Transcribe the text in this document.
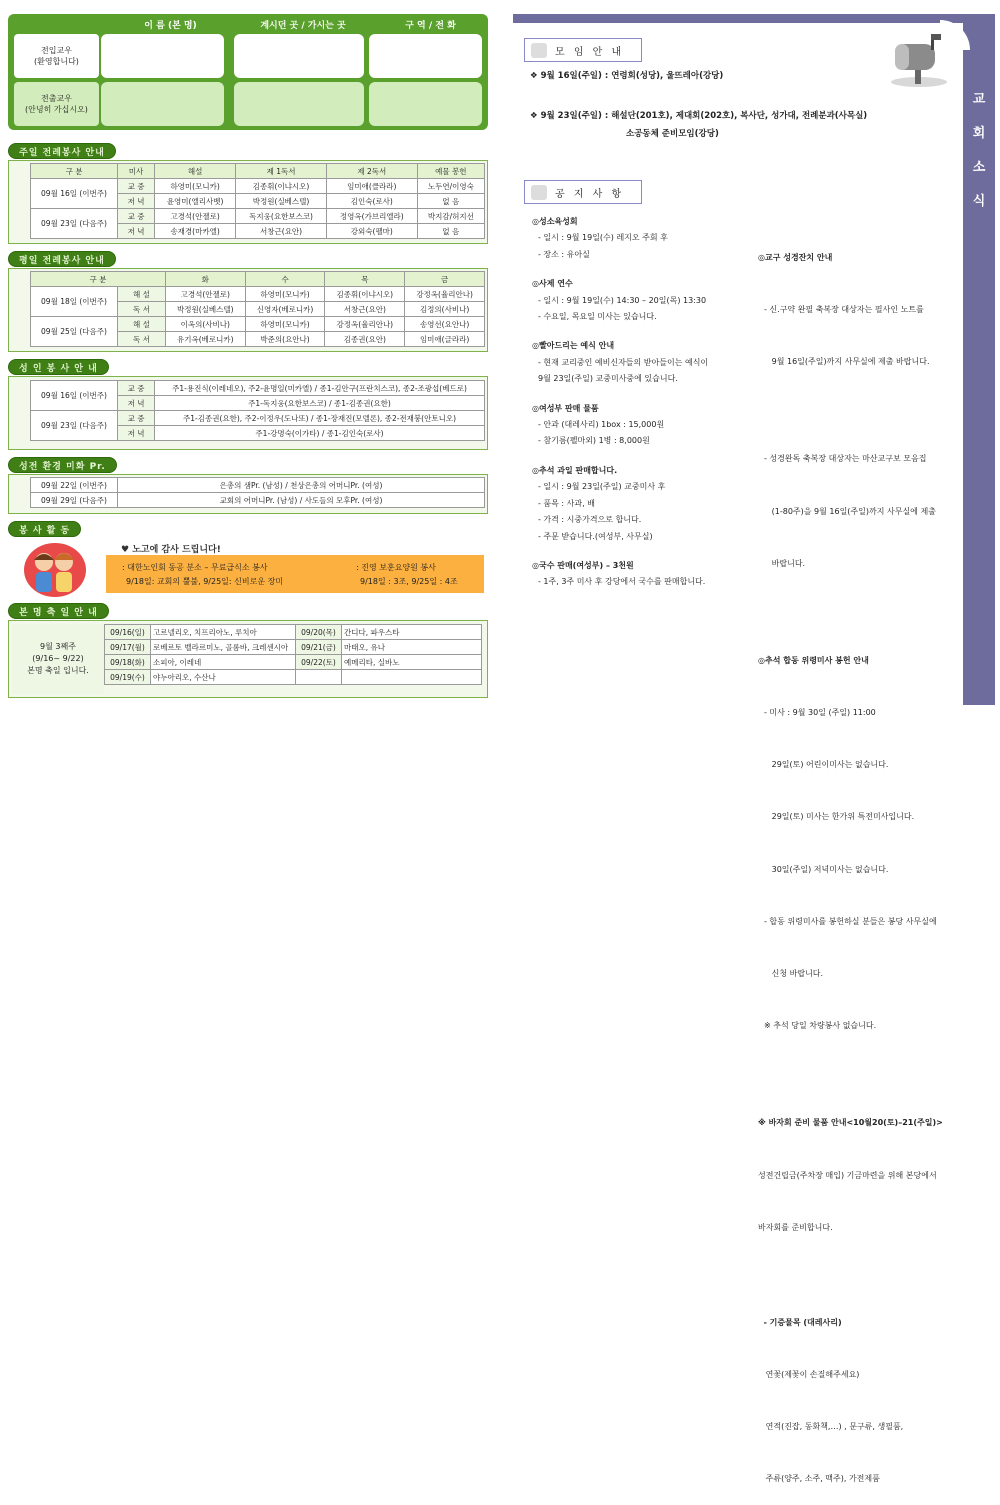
이 름 (본 명)	계시던 곳 / 가시는 곳	구 역 / 전 화
전입교우
(환영합니다)
전출교우
(안녕히 가십시오)
주일 전례봉사 안내
구 분	미사	해설	제 1독서	제 2독서	예물 봉헌
09월 16일 (이번주)	교 중	하영미(모니카)	김종휘(이냐시오)	임미애(클라라)	노두연/이영숙
	저 녁	윤영미(엘리사벳)	박정원(실베스텔)	김인숙(로사)	없 음
09월 23일 (다음주)	교 중	고경석(안젤로)	독지웅(요한보스코)	정영옥(가브리엘라)	박지감/허지선
	저 녁	송재경(마카엘)	서창근(요안)	강외숙(펠마)	없 음
평일 전례봉사 안내
구 분		화	수	목	금
09월 18일 (이번주)	해 설	고경석(안젤로)	하영미(모니카)	김종휘(이냐시오)	강정옥(율리안나)
	독 서	박정원(실베스텔)	신영자(베로니카)	서창근(요안)	김정의(사비나)
09월 25일 (다음주)	해 설	이옥의(사비나)	하영미(모니카)	강정옥(율리안나)	송영선(요안나)
	독 서	유기옥(베로니카)	박준의(요안나)	김종권(요안)	임미애(글라라)
성 인 봉 사 안 내
09월 16일 (이번주)	교 중	주1-용진식(이레네오), 주2-윤명일(미카엘) / 종1-김안구(프란치스코), 종2-조광섭(베드로)
	저 녁	주1-독지웅(요한보스코) / 종1-김종권(요한)
09월 23일 (다음주)	교 중	주1-김종권(요한), 주2-이정우(도나또) / 종1-장재진(모델론), 종2-전재붕(안토니오)
	저 녁	주1-강명숙(이가타) / 종1-김인숙(로사)
성전 환경 미화 Pr.
09월 22일 (이번주)	은총의 샘Pr. (남성) / 천상은총의 어머니Pr. (여성)
09월 29일 (다음주)	교회의 어머니Pr. (남성) / 사도들의 모후Pr. (여성)
봉 사 활 동
♥ 노고에 감사 드립니다!
: 대한노인회 동공 분소 – 무료급식소 봉사
9/18일: 교회의 뿔불, 9/25일: 신비로운 장미
: 진영 보훈요양원 봉사
9/18일 : 3조, 9/25일 : 4조
본 명 축 일 안 내
9월 3째주
(9/16~ 9/22)
본명 축일 입니다.
09/16(일)	고르넬리오, 치프리아노, 루치아	09/20(목)	간디다, 파우스타
09/17(월)	로베르토 벨라르미노, 골롬바, 크레센시아	09/21(금)	마태오, 유나
09/18(화)	소피아, 이레네	09/22(토)	예메리타, 실바노
09/19(수)	야누아리오, 수산나		
교
회
소
식
모 임 안 내
❖ 9월 16일(주일) : 연령회(성당), 울뜨레아(강당)
❖ 9월 23일(주일) : 해설단(201호), 제대회(202호), 복사단, 성가대, 전례분과(사목실)
소공동체 준비모임(강당)
공 지 사 항
◎성소육성회
- 일시 : 9월 19일(수) 레지오 주회 후
- 장소 : 유아실
◎사제 연수
- 일시 : 9월 19일(수) 14:30 – 20일(목) 13:30
- 수요일, 목요일 미사는 있습니다.
◎빨아드리는 예식 안내
- 현재 교리중인 예비신자들의 받아들이는 예식이
9월 23일(주일) 교중미사중에 있습니다.
◎여성부 판매 물품
- 안과 (대레사리) 1box : 15,000원
- 참기름(펠마외) 1병 : 8,000원
◎추석 과일 판매합니다.
- 일시 : 9월 23일(주일) 교중미사 후
- 품목 : 사과, 배
- 가격 : 시중가격으로 합니다.
- 주문 받습니다.(여성부, 사무실)
◎국수 판매(여성부) – 3천원
- 1주, 3주 미사 후 강당에서 국수를 판매합니다.

◎교구 성경잔치 안내

- 신.구약 완필 축복장 대상자는 필사인 노트를

9월 16일(주일)까지 사무실에 제출 바랍니다.

- 성경완독 축복장 대상자는 마산교구보 모음집

(1-80주)을 9월 16일(주일)까지 사무실에 제출

바랍니다.

◎추석 합동 위령미사 봉헌 안내

- 미사 : 9월 30일 (주일) 11:00

29일(토) 어린이미사는 없습니다.

29일(토) 미사는 한가위 특전미사입니다.

30일(주일) 저녁미사는 없습니다.

- 합동 위령미사를 봉헌하실 분들은 봉당 사무실에

신청 바랍니다.

※ 추석 당일 차량봉사 없습니다.

※ 바자회 준비 물품 안내<10월20(토)–21(주일)>

성전건립금(주차장 매입) 기금마련을 위해 본당에서

바자회를 준비합니다.

- 기증물목 (대레사리)

연꽃(제꽃이 손질해주세요)

연적(진잡, 동화책,…) , 문구류, 생필품,

주류(양주, 소주, 맥주), 가전제품
